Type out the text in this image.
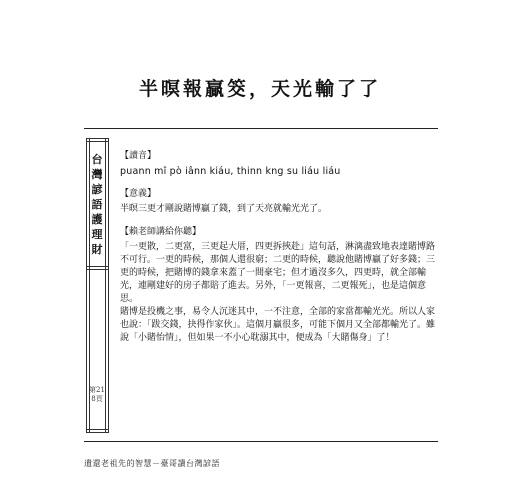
半暝報贏筊，天光輸了了
台灣諺語護理財
第218頁
【讀音】
puann mî pò iânn kiáu, thinn kng su liáu liáu
【意義】
半暝三更才剛說賭博贏了錢，到了天亮就輸光光了。
【賴老師講給你聽】
「一更散，二更富，三更起大厝，四更拆挾赴」這句話，淋漓盡致地表達賭博路不可行。一更的時候，那個人還很窮；二更的時候，聽說他賭博贏了好多錢；三更的時候，把賭博的錢拿來蓋了一間豪宅；但才過沒多久，四更時，就全部輸光，連剛建好的房子都賠了進去。另外，「一更報喜，二更報死」，也是這個意思。
賭博是投機之事，易令人沉迷其中，一不注意，全部的家當都輸光光。所以人家也說：「跋交錢，抉得作家伙」。這個月贏很多，可能下個月又全部都輸光了。雖說「小賭怡情」，但如果一不小心耽溺其中，便成為「大賭傷身」了！
遺還老祖先的智慧－臺哥讀台灣諺語
